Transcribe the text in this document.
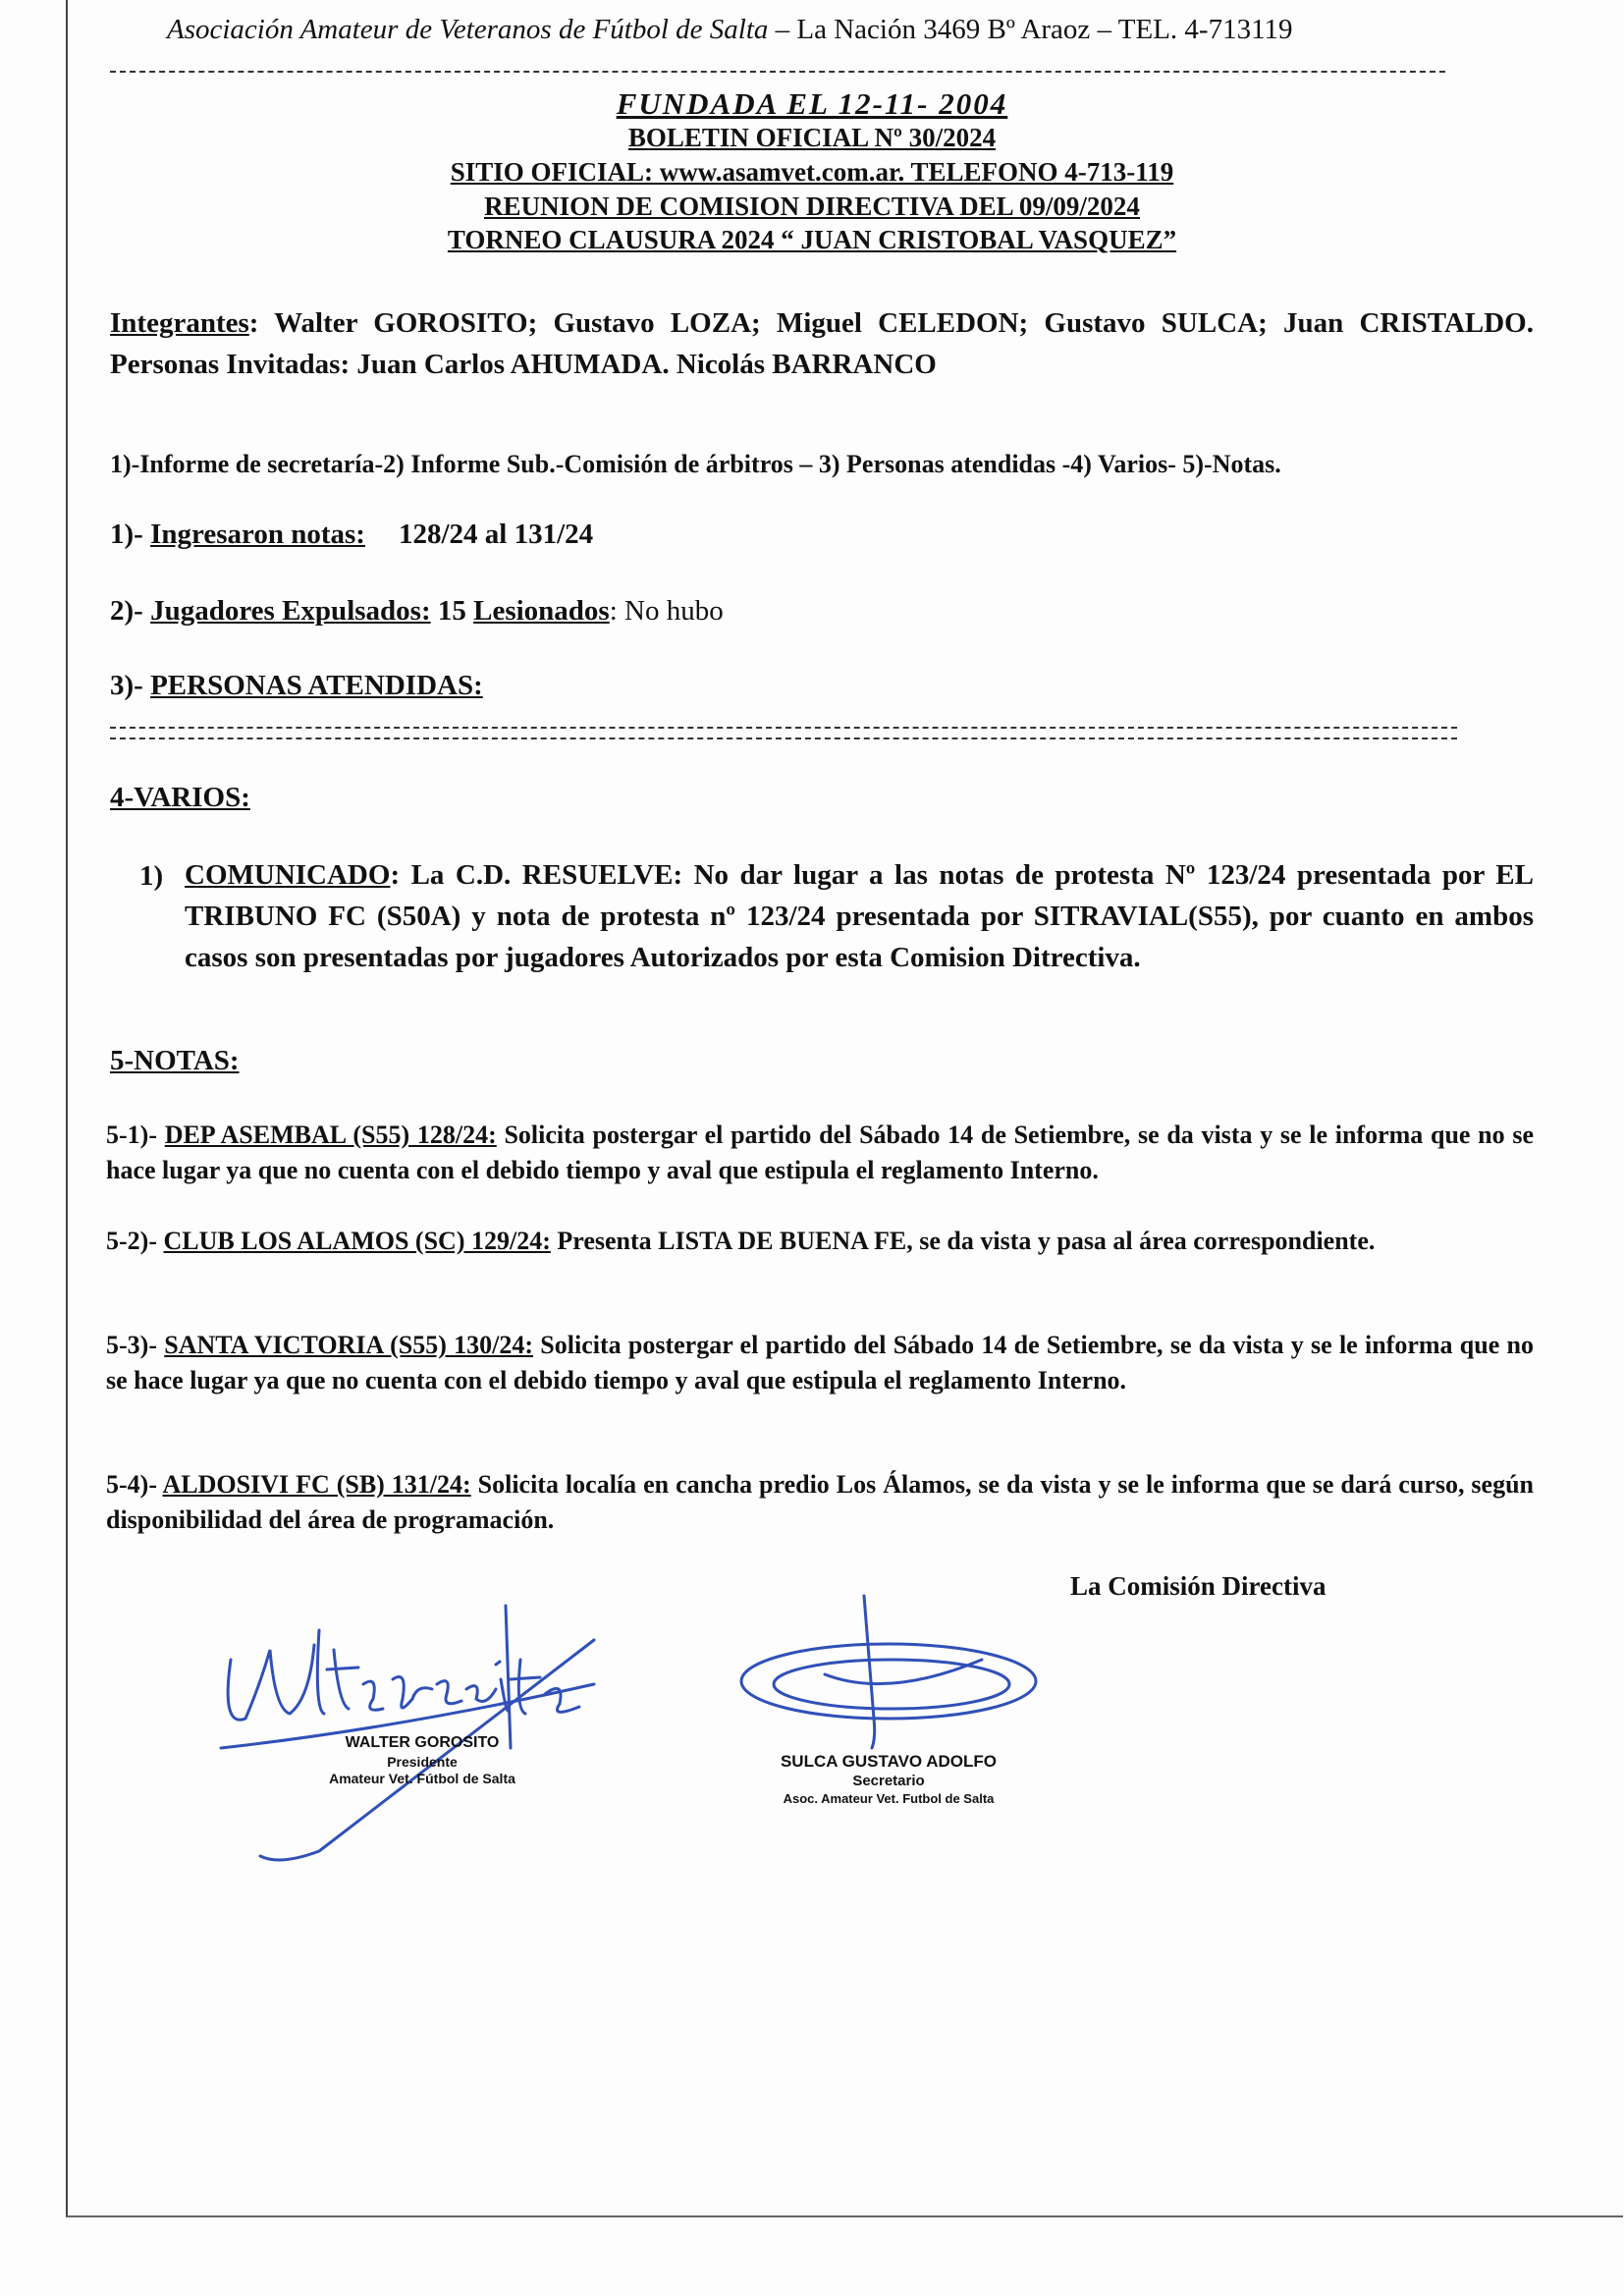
Asociación Amateur de Veteranos de Fútbol de Salta – La Nación 3469 Bº Araoz – TEL. 4-713119
FUNDADA EL 12-11- 2004
BOLETIN OFICIAL Nº 30/2024
SITIO OFICIAL: www.asamvet.com.ar. TELEFONO 4-713-119
REUNION DE COMISION DIRECTIVA DEL 09/09/2024
TORNEO CLAUSURA 2024 “ JUAN CRISTOBAL VASQUEZ”
Integrantes: Walter GOROSITO; Gustavo LOZA; Miguel CELEDON; Gustavo SULCA; Juan CRISTALDO. Personas Invitadas: Juan Carlos AHUMADA. Nicolás BARRANCO
1)-Informe de secretaría-2) Informe Sub.-Comisión de árbitros – 3) Personas atendidas -4) Varios- 5)-Notas.
1)- Ingresaron notas: 128/24 al 131/24
2)- Jugadores Expulsados: 15 Lesionados: No hubo
3)- PERSONAS ATENDIDAS:
4-VARIOS:
1) COMUNICADO: La C.D. RESUELVE: No dar lugar a las notas de protesta Nº 123/24 presentada por EL TRIBUNO FC (S50A) y nota de protesta nº 123/24 presentada por SITRAVIAL(S55), por cuanto en ambos casos son presentadas por jugadores Autorizados por esta Comision Ditrectiva.
5-NOTAS:
5-1)- DEP ASEMBAL (S55) 128/24: Solicita postergar el partido del Sábado 14 de Setiembre, se da vista y se le informa que no se hace lugar ya que no cuenta con el debido tiempo y aval que estipula el reglamento Interno.
5-2)- CLUB LOS ALAMOS (SC) 129/24: Presenta LISTA DE BUENA FE, se da vista y pasa al área correspondiente.
5-3)- SANTA VICTORIA (S55) 130/24: Solicita postergar el partido del Sábado 14 de Setiembre, se da vista y se le informa que no se hace lugar ya que no cuenta con el debido tiempo y aval que estipula el reglamento Interno.
5-4)- ALDOSIVI FC (SB) 131/24: Solicita localía en cancha predio Los Álamos, se da vista y se le informa que se dará curso, según disponibilidad del área de programación.
La Comisión Directiva
WALTER GOROSITO
Presidente
Amateur Vet. Fútbol de Salta
SULCA GUSTAVO ADOLFO
Secretario
Asoc. Amateur Vet. Futbol de Salta
